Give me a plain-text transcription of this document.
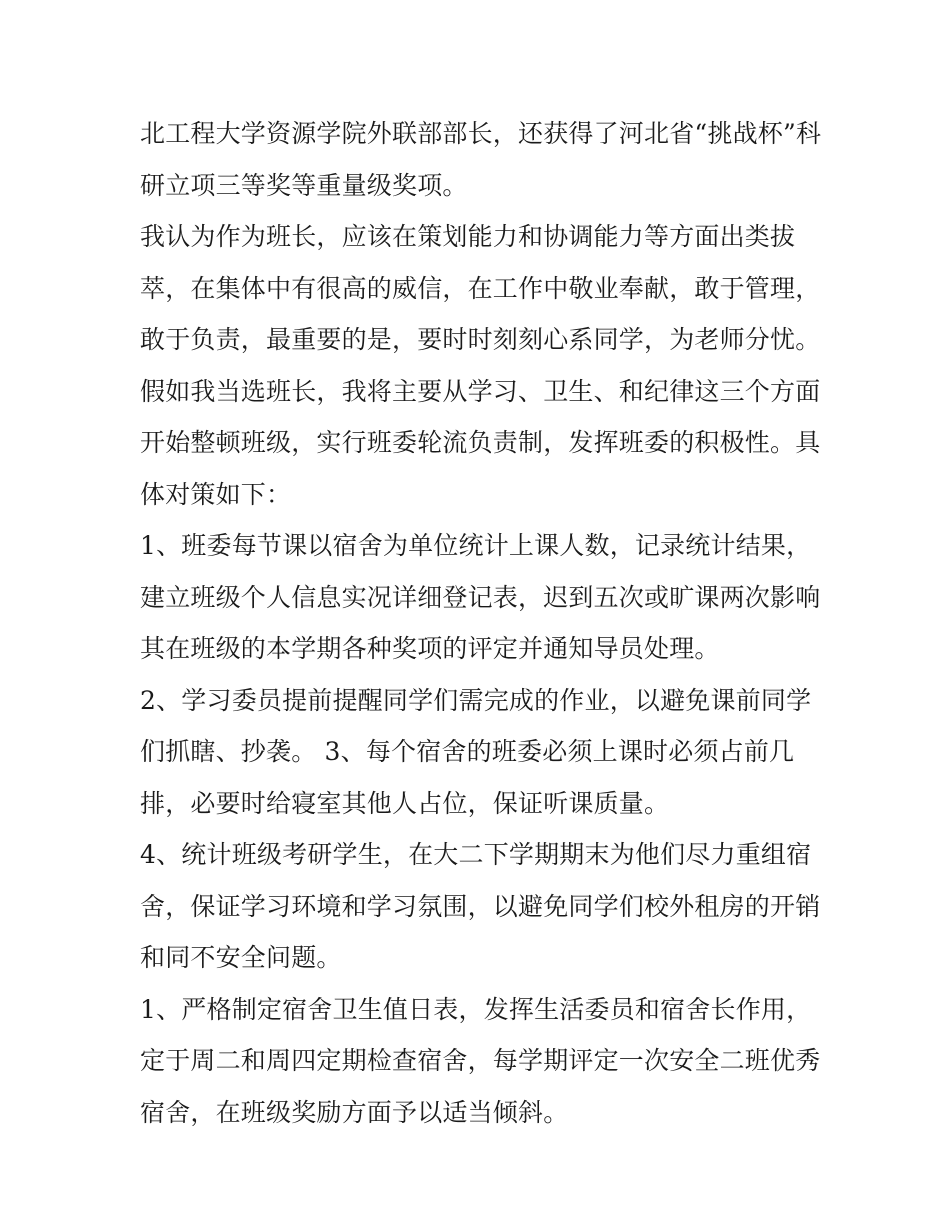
北工程大学资源学院外联部部长，还获得了河北省“挑战杯”科
研立项三等奖等重量级奖项。
我认为作为班长，应该在策划能力和协调能力等方面出类拔
萃，在集体中有很高的威信，在工作中敬业奉献，敢于管理，
敢于负责，最重要的是，要时时刻刻心系同学，为老师分忧。
假如我当选班长，我将主要从学习、卫生、和纪律这三个方面
开始整顿班级，实行班委轮流负责制，发挥班委的积极性。具
体对策如下：
1、班委每节课以宿舍为单位统计上课人数，记录统计结果，
建立班级个人信息实况详细登记表，迟到五次或旷课两次影响
其在班级的本学期各种奖项的评定并通知导员处理。
2、学习委员提前提醒同学们需完成的作业，以避免课前同学
们抓瞎、抄袭。 3、每个宿舍的班委必须上课时必须占前几
排，必要时给寝室其他人占位，保证听课质量。
4、统计班级考研学生，在大二下学期期末为他们尽力重组宿
舍，保证学习环境和学习氛围，以避免同学们校外租房的开销
和同不安全问题。
1、严格制定宿舍卫生值日表，发挥生活委员和宿舍长作用，
定于周二和周四定期检查宿舍，每学期评定一次安全二班优秀
宿舍，在班级奖励方面予以适当倾斜。
